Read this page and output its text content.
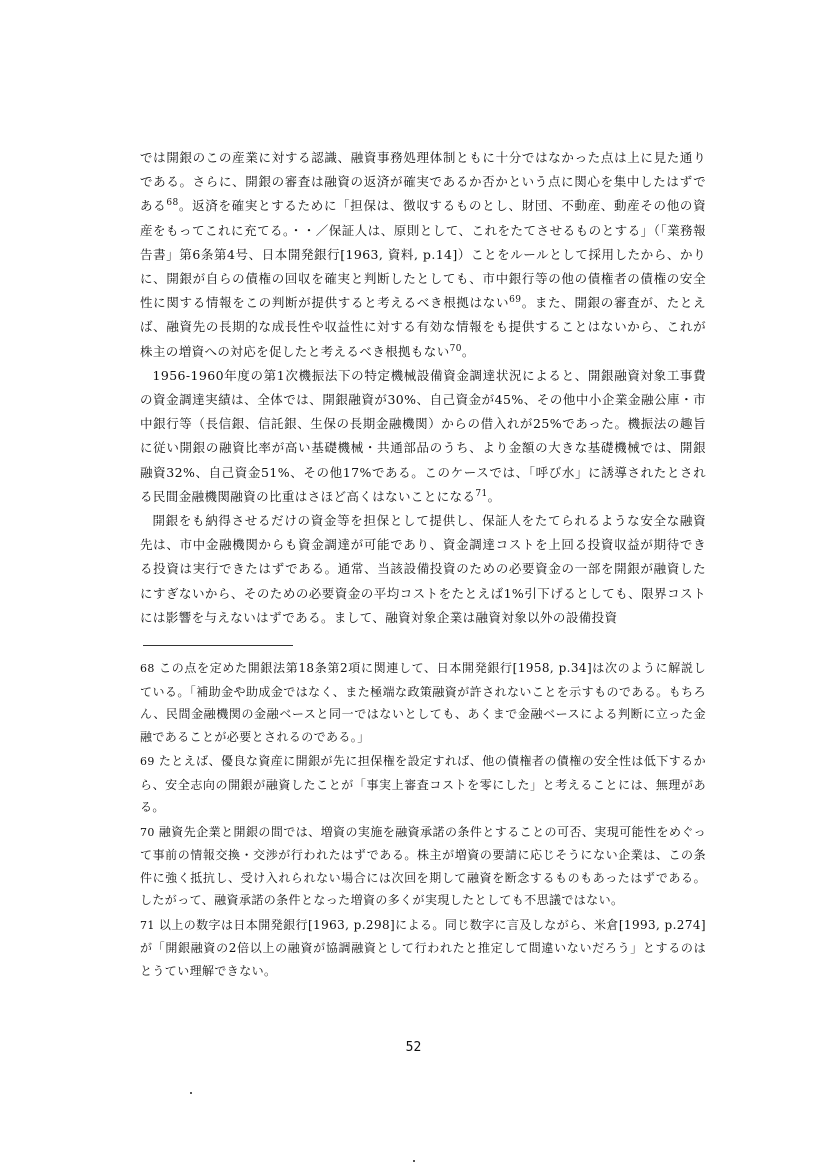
では開銀のこの産業に対する認識、融資事務処理体制ともに十分ではなかった点は上に見た通りである。さらに、開銀の審査は融資の返済が確実であるか否かという点に関心を集中したはずである$^{68}$。返済を確実とするために「担保は、徴収するものとし、財団、不動産、動産その他の資産をもってこれに充てる。・・／保証人は、原則として、これをたてさせるものとする」（「業務報告書」第6条第4号、日本開発銀行[1963, 資料, p.14]）ことをルールとして採用したから、かりに、開銀が自らの債権の回収を確実と判断したとしても、市中銀行等の他の債権者の債権の安全性に関する情報をこの判断が提供すると考えるべき根拠はない$^{69}$。また、開銀の審査が、たとえば、融資先の長期的な成長性や収益性に対する有効な情報をも提供することはないから、これが株主の増資への対応を促したと考えるべき根拠もない$^{70}$。

1956-1960年度の第1次機振法下の特定機械設備資金調達状況によると、開銀融資対象工事費の資金調達実績は、全体では、開銀融資が30%、自己資金が45%、その他中小企業金融公庫・市中銀行等（長信銀、信託銀、生保の長期金融機関）からの借入れが25%であった。機振法の趣旨に従い開銀の融資比率が高い基礎機械・共通部品のうち、より金額の大きな基礎機械では、開銀融資32%、自己資金51%、その他17%である。このケースでは、「呼び水」に誘導されたとされる民間金融機関融資の比重はさほど高くはないことになる$^{71}$。

開銀をも納得させるだけの資金等を担保として提供し、保証人をたてられるような安全な融資先は、市中金融機関からも資金調達が可能であり、資金調達コストを上回る投資収益が期待できる投資は実行できたはずである。通常、当該設備投資のための必要資金の一部を開銀が融資したにすぎないから、そのための必要資金の平均コストをたとえば1%引下げるとしても、限界コストには影響を与えないはずである。まして、融資対象企業は融資対象以外の設備投資

68 この点を定めた開銀法第18条第2項に関連して、日本開発銀行[1958, p.34]は次のように解説している。「補助金や助成金ではなく、また極端な政策融資が許されないことを示すものである。もちろん、民間金融機関の金融ベースと同一ではないとしても、あくまで金融ベースによる判断に立った金融であることが必要とされるのである。」

69 たとえば、優良な資産に開銀が先に担保権を設定すれば、他の債権者の債権の安全性は低下するから、安全志向の開銀が融資したことが「事実上審査コストを零にした」と考えることには、無理がある。

70 融資先企業と開銀の間では、増資の実施を融資承諾の条件とすることの可否、実現可能性をめぐって事前の情報交換・交渉が行われたはずである。株主が増資の要請に応じそうにない企業は、この条件に強く抵抗し、受け入れられない場合には次回を期して融資を断念するものもあったはずである。したがって、融資承諾の条件となった増資の多くが実現したとしても不思議ではない。

71 以上の数字は日本開発銀行[1963, p.298]による。同じ数字に言及しながら、米倉[1993, p.274]が「開銀融資の2倍以上の融資が協調融資として行われたと推定して間違いないだろう」とするのはとうてい理解できない。

52
